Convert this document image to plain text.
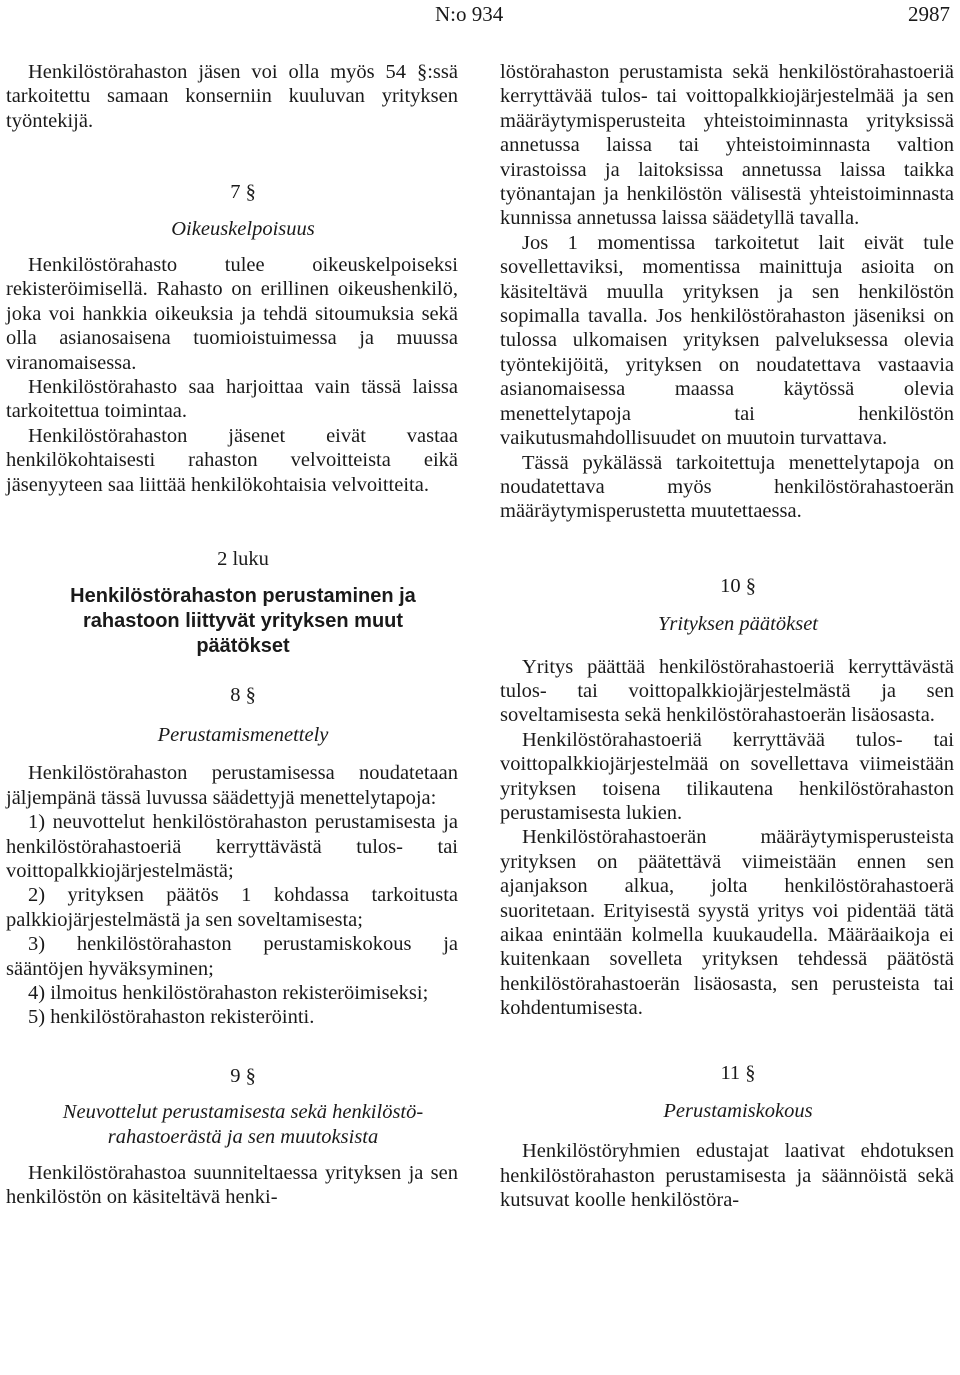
N:o 934	2987

Henkilöstörahaston jäsen voi olla myös 54 §:ssä tarkoitettu samaan konserniin kuuluvan yrityksen työntekijä.

7 §

Oikeuskelpoisuus

Henkilöstörahasto tulee oikeuskelpoiseksi rekisteröimisellä. Rahasto on erillinen oikeushenkilö, joka voi hankkia oikeuksia ja tehdä sitoumuksia sekä olla asianosaisena tuomioistuimessa ja muussa viranomaisessa.

Henkilöstörahasto saa harjoittaa vain tässä laissa tarkoitettua toimintaa.

Henkilöstörahaston jäsenet eivät vastaa henkilökohtaisesti rahaston velvoitteista eikä jäsenyyteen saa liittää henkilökohtaisia velvoitteita.

2 luku

Henkilöstörahaston perustaminen ja

rahastoon liittyvät yrityksen muut

päätökset

8 §

Perustamismenettely

Henkilöstörahaston perustamisessa noudatetaan jäljempänä tässä luvussa säädettyjä menettelytapoja:

1) neuvottelut henkilöstörahaston perustamisesta ja henkilöstörahastoeriä kerryttävästä tulos- tai voittopalkkiojärjestelmästä;

2) yrityksen päätös 1 kohdassa tarkoitusta palkkiojärjestelmästä ja sen soveltamisesta;

3) henkilöstörahaston perustamiskokous ja sääntöjen hyväksyminen;

4) ilmoitus henkilöstörahaston rekisteröimiseksi;

5) henkilöstörahaston rekisteröinti.

9 §

Neuvottelut perustamisesta sekä henkilöstö-

rahastoerästä ja sen muutoksista

Henkilöstörahastoa suunniteltaessa yrityksen ja sen henkilöstön on käsiteltävä henki-

löstörahaston perustamista sekä henkilöstörahastoeriä kerryttävää tulos- tai voittopalkkiojärjestelmää ja sen määräytymisperusteita yhteistoiminnasta yrityksissä annetussa laissa tai yhteistoiminnasta valtion virastoissa ja laitoksissa annetussa laissa taikka työnantajan ja henkilöstön välisestä yhteistoiminnasta kunnissa annetussa laissa säädetyllä tavalla.

Jos 1 momentissa tarkoitetut lait eivät tule sovellettaviksi, momentissa mainittuja asioita on käsiteltävä muulla yrityksen ja sen henkilöstön sopimalla tavalla. Jos henkilöstörahaston jäseniksi on tulossa ulkomaisen yrityksen palveluksessa olevia työntekijöitä, yrityksen on noudatettava vastaavia asianomaisessa maassa käytössä olevia menettelytapoja tai henkilöstön vaikutusmahdollisuudet on muutoin turvattava.

Tässä pykälässä tarkoitettuja menettelytapoja on noudatettava myös henkilöstörahastoerän määräytymisperustetta muutettaessa.

10 §

Yrityksen päätökset

Yritys päättää henkilöstörahastoeriä kerryttävästä tulos- tai voittopalkkiojärjestelmästä ja sen soveltamisesta sekä henkilöstörahastoerän lisäosasta.

Henkilöstörahastoeriä kerryttävää tulos- tai voittopalkkiojärjestelmää on sovellettava viimeistään yrityksen toisena tilikautena henkilöstörahaston perustamisesta lukien.

Henkilöstörahastoerän määräytymisperusteista yrityksen on päätettävä viimeistään ennen sen ajanjakson alkua, jolta henkilöstörahastoerä suoritetaan. Erityisestä syystä yritys voi pidentää tätä aikaa enintään kolmella kuukaudella. Määräaikoja ei kuitenkaan sovelleta yrityksen tehdessä päätöstä henkilöstörahastoerän lisäosasta, sen perusteista tai kohdentumisesta.

11 §

Perustamiskokous

Henkilöstöryhmien edustajat laativat ehdotuksen henkilöstörahaston perustamisesta ja säännöistä sekä kutsuvat koolle henkilöstöra-
